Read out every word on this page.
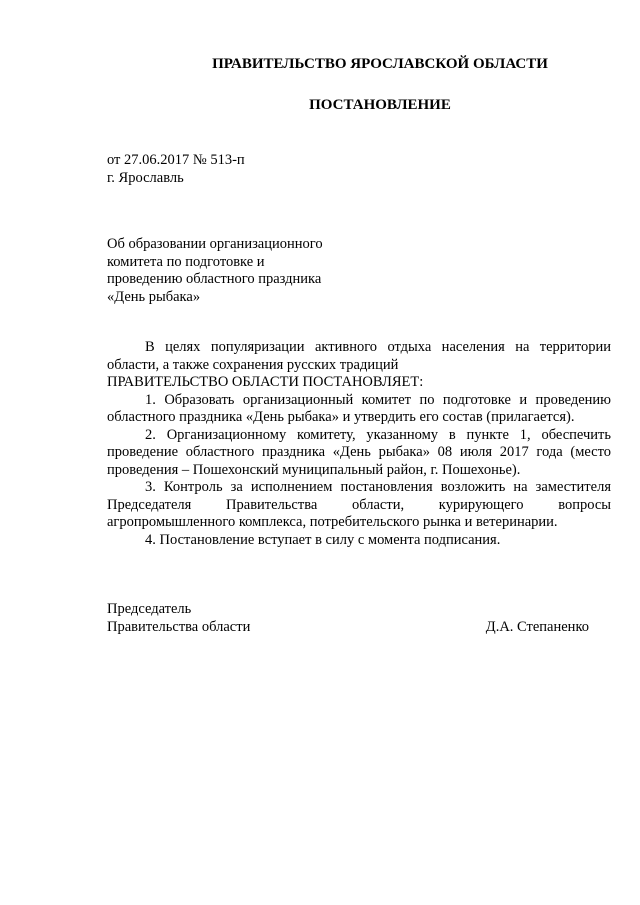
ПРАВИТЕЛЬСТВО ЯРОСЛАВСКОЙ ОБЛАСТИ
ПОСТАНОВЛЕНИЕ
от 27.06.2017 № 513-п
г. Ярославль
Об образовании организационного
комитета по подготовке и
проведению областного праздника
«День рыбака»

В целях популяризации активного отдыха населения на территории области, а также сохранения русских традиций

ПРАВИТЕЛЬСТВО ОБЛАСТИ ПОСТАНОВЛЯЕТ:

1. Образовать организационный комитет по подготовке и проведению областного праздника «День рыбака» и утвердить его состав (прилагается).

2. Организационному комитету, указанному в пункте 1, обеспечить проведение областного праздника «День рыбака» 08 июля 2017 года (место проведения – Пошехонский муниципальный район, г. Пошехонье).

3. Контроль за исполнением постановления возложить на заместителя Председателя Правительства области, курирующего вопросы агропромышленного комплекса, потребительского рынка и ветеринарии.

4. Постановление вступает в силу с момента подписания.

Председатель
Правительства области	Д.А. Степаненко
